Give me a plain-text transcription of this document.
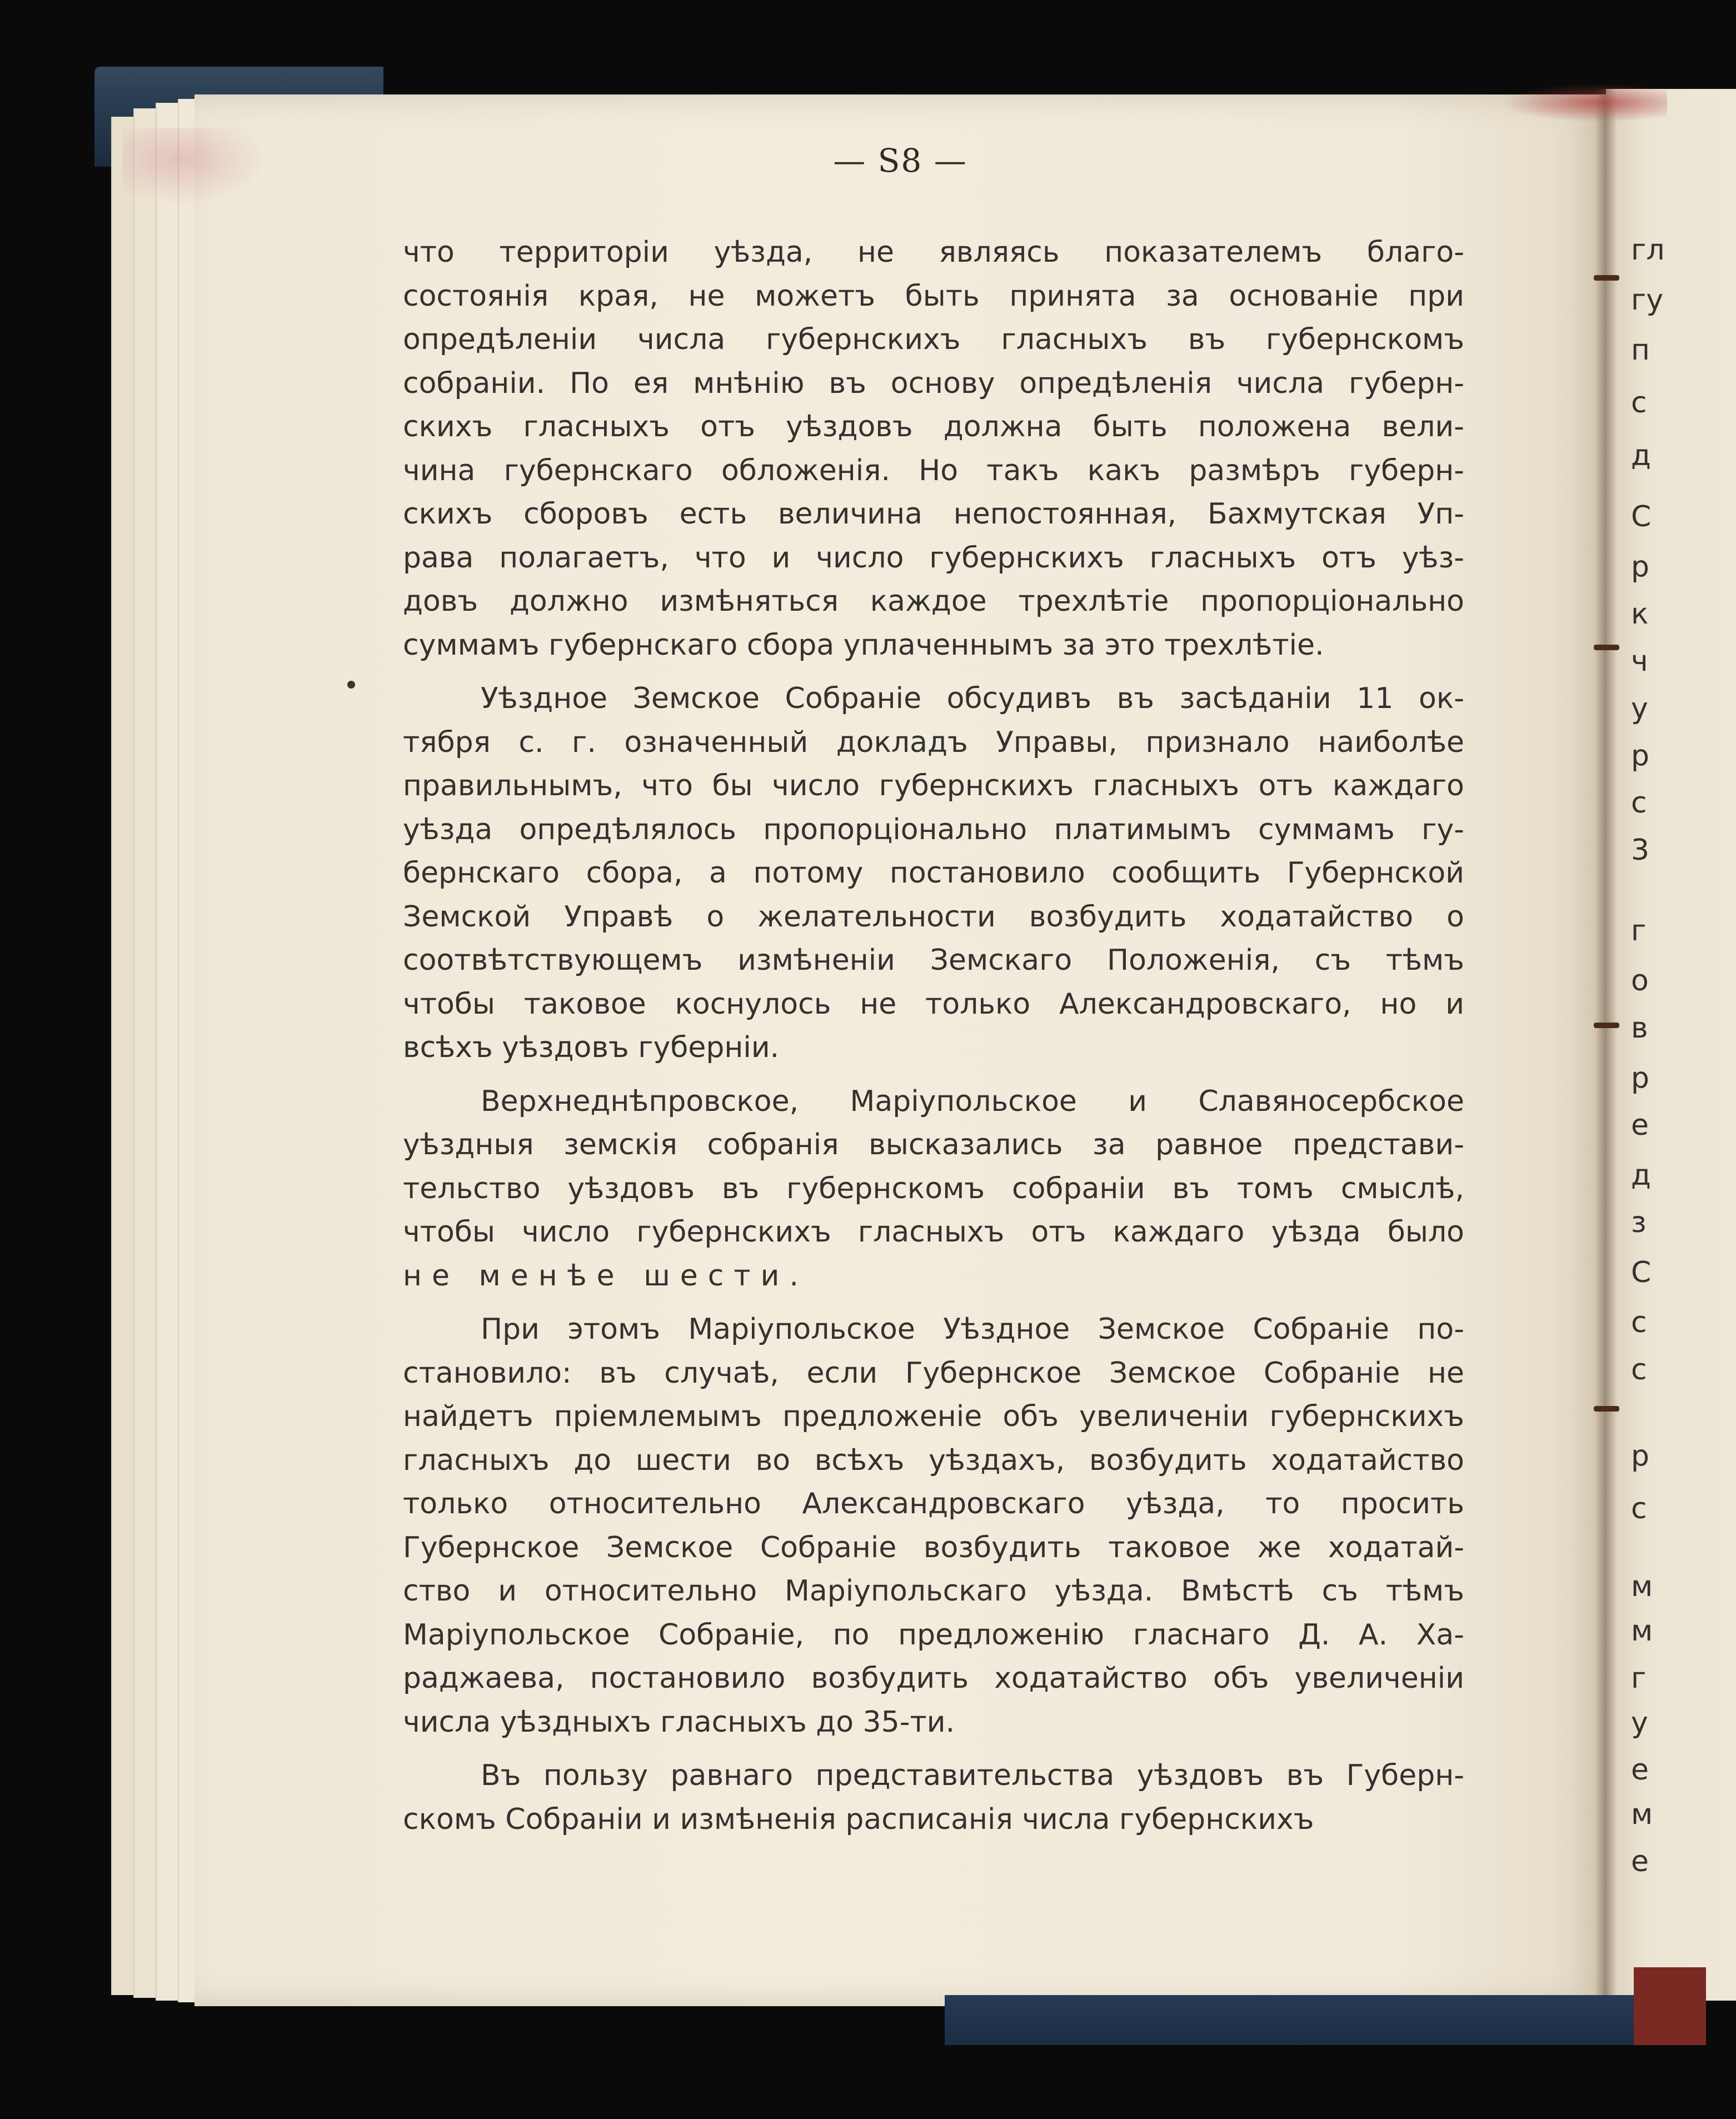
— S8 —
что территоріи уѣзда, не являясь показателемъ благо-
состоянія края, не можетъ быть принята за основаніе при
опредѣленіи числа губернскихъ гласныхъ въ губернскомъ
собраніи. По ея мнѣнію въ основу опредѣленія числа губерн-
скихъ гласныхъ отъ уѣздовъ должна быть положена вели-
чина губернскаго обложенія. Но такъ какъ размѣръ губерн-
скихъ сборовъ есть величина непостоянная, Бахмутская Уп-
рава полагаетъ, что и число губернскихъ гласныхъ отъ уѣз-
довъ должно измѣняться каждое трехлѣтіе пропорціонально
суммамъ губернскаго сбора уплаченнымъ за это трехлѣтіе.
Уѣздное Земское Собраніе обсудивъ въ засѣданіи 11 ок-
тября с. г. означенный докладъ Управы, признало наиболѣе
правильнымъ, что бы число губернскихъ гласныхъ отъ каждаго
уѣзда опредѣлялось пропорціонально платимымъ суммамъ гу-
бернскаго сбора, а потому постановило сообщить Губернской
Земской Управѣ о желательности возбудить ходатайство о
соотвѣтствующемъ измѣненіи Земскаго Положенія, съ тѣмъ
чтобы таковое коснулось не только Александровскаго, но и
всѣхъ уѣздовъ губерніи.
Верхнеднѣпровское, Маріупольское и Славяносербское
уѣздныя земскія собранія высказались за равное представи-
тельство уѣздовъ въ губернскомъ собраніи въ томъ смыслѣ,
чтобы число губернскихъ гласныхъ отъ каждаго уѣзда было
не менѣе шести.
При этомъ Маріупольское Уѣздное Земское Собраніе по-
становило: въ случаѣ, если Губернское Земское Собраніе не
найдетъ пріемлемымъ предложеніе объ увеличеніи губернскихъ
гласныхъ до шести во всѣхъ уѣздахъ, возбудить ходатайство
только относительно Александровскаго уѣзда, то просить
Губернское Земское Собраніе возбудить таковое же ходатай-
ство и относительно Маріупольскаго уѣзда. Вмѣстѣ съ тѣмъ
Маріупольское Собраніе, по предложенію гласнаго Д. А. Ха-
раджаева, постановило возбудить ходатайство объ увеличеніи
числа уѣздныхъ гласныхъ до 35-ти.
Въ пользу равнаго представительства уѣздовъ въ Губерн-
скомъ Собраніи и измѣненія расписанія числа губернскихъ
гл
гу
п
с
д
С
р
к
ч
у
р
с
3
г
о
в
р
е
д
з
С
с
с
р
с
м
м
г
у
е
м
е
